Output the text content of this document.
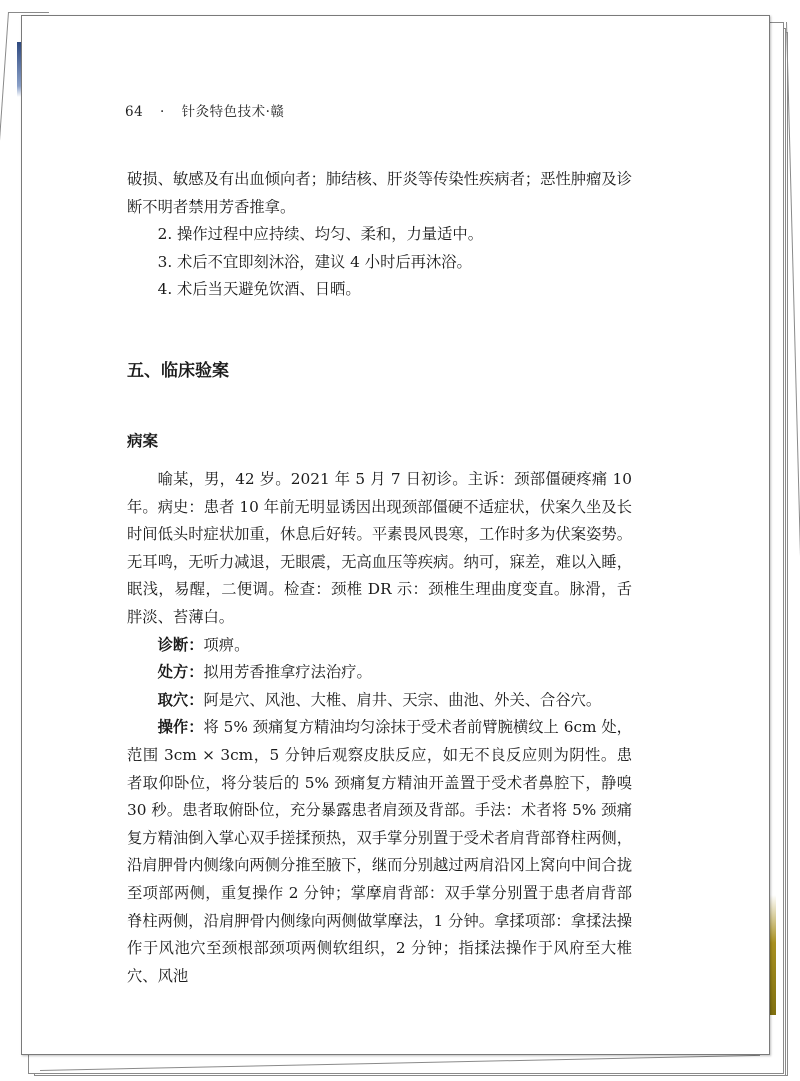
64 · 针灸特色技术·赣

破损、敏感及有出血倾向者；肺结核、肝炎等传染性疾病者；恶性肿瘤及诊断不明者禁用芳香推拿。

2. 操作过程中应持续、均匀、柔和，力量适中。

3. 术后不宜即刻沐浴，建议 4 小时后再沐浴。

4. 术后当天避免饮酒、日晒。

五、临床验案
病案

喻某，男，42 岁。2021 年 5 月 7 日初诊。主诉：颈部僵硬疼痛 10 年。病史：患者 10 年前无明显诱因出现颈部僵硬不适症状，伏案久坐及长时间低头时症状加重，休息后好转。平素畏风畏寒，工作时多为伏案姿势。无耳鸣，无听力减退，无眼震，无高血压等疾病。纳可，寐差，难以入睡，眠浅，易醒，二便调。检查：颈椎 DR 示：颈椎生理曲度变直。脉滑，舌胖淡、苔薄白。

诊断：项痹。

处方：拟用芳香推拿疗法治疗。

取穴：阿是穴、风池、大椎、肩井、天宗、曲池、外关、合谷穴。

操作：将 5% 颈痛复方精油均匀涂抹于受术者前臂腕横纹上 6cm 处，范围 3cm × 3cm，5 分钟后观察皮肤反应，如无不良反应则为阴性。患者取仰卧位，将分装后的 5% 颈痛复方精油开盖置于受术者鼻腔下，静嗅 30 秒。患者取俯卧位，充分暴露患者肩颈及背部。手法：术者将 5% 颈痛复方精油倒入掌心双手搓揉预热，双手掌分别置于受术者肩背部脊柱两侧，沿肩胛骨内侧缘向两侧分推至腋下，继而分别越过两肩沿冈上窝向中间合拢至项部两侧，重复操作 2 分钟；掌摩肩背部：双手掌分别置于患者肩背部脊柱两侧，沿肩胛骨内侧缘向两侧做掌摩法，1 分钟。拿揉项部：拿揉法操作于风池穴至颈根部颈项两侧软组织，2 分钟；指揉法操作于风府至大椎穴、风池
